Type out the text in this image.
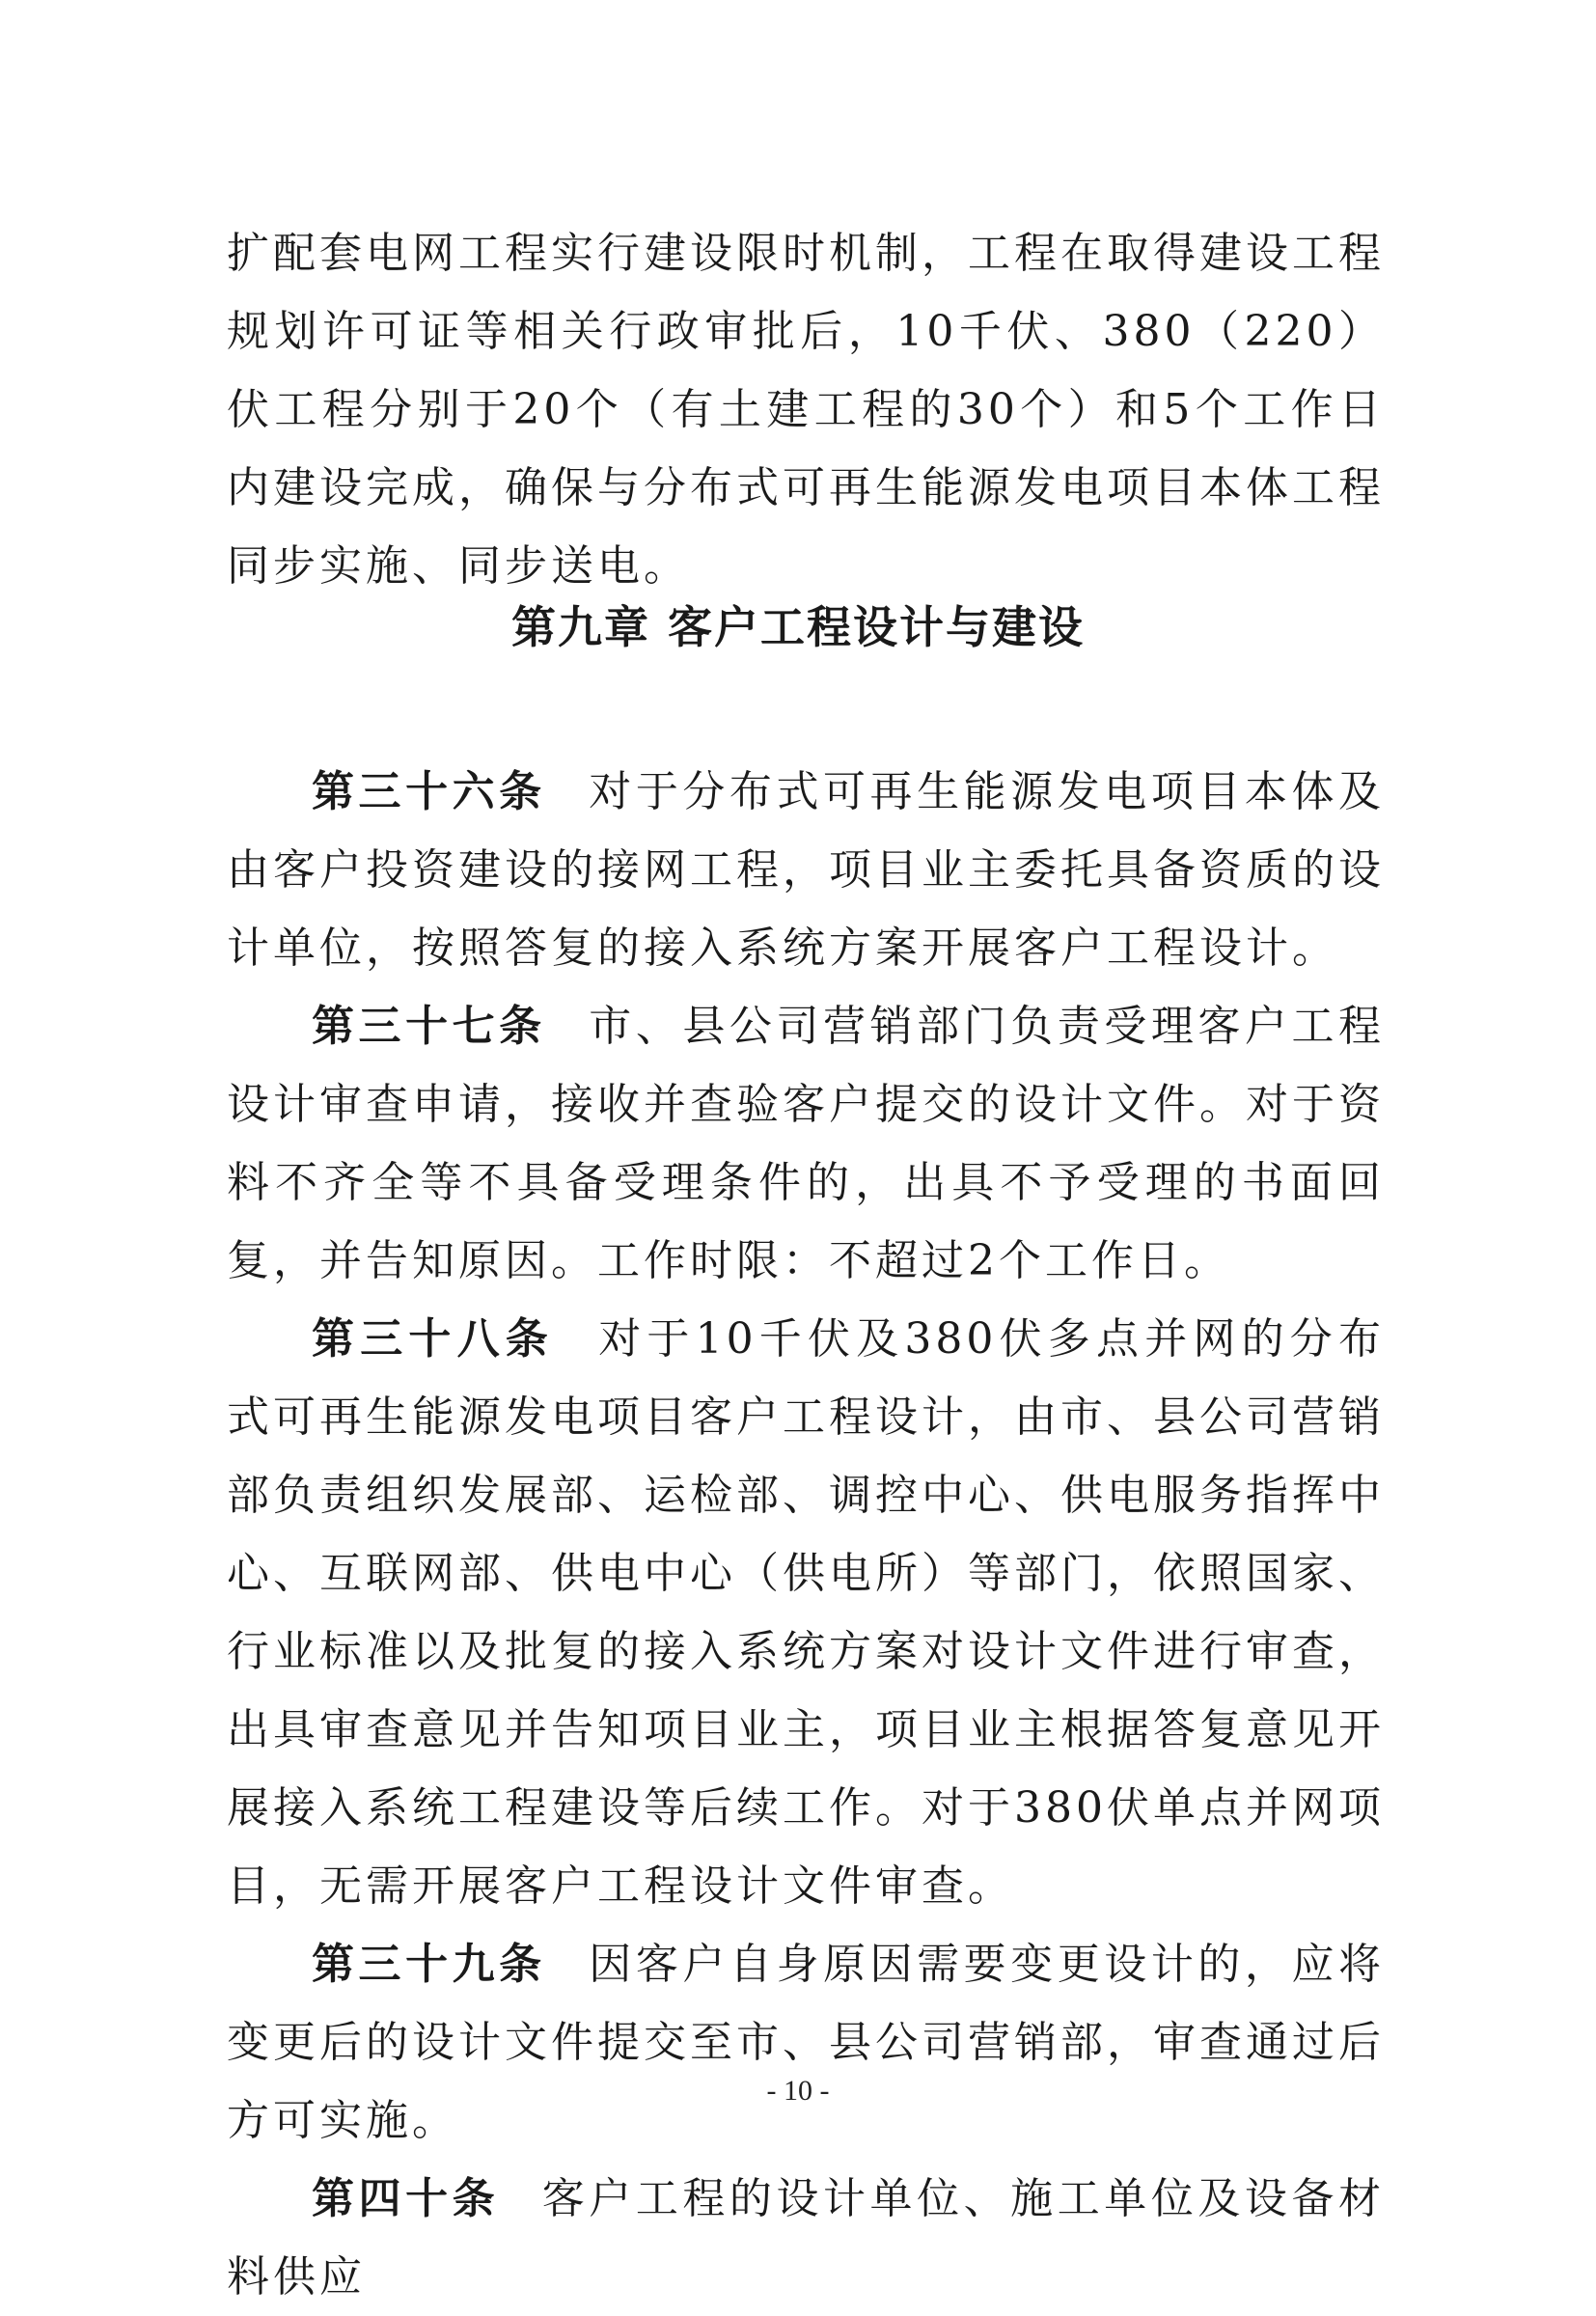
扩配套电网工程实行建设限时机制，工程在取得建设工程规划许可证等相关行政审批后，10千伏、380（220）伏工程分别于20个（有土建工程的30个）和5个工作日内建设完成，确保与分布式可再生能源发电项目本体工程同步实施、同步送电。

第九章 客户工程设计与建设

第三十六条 对于分布式可再生能源发电项目本体及由客户投资建设的接网工程，项目业主委托具备资质的设计单位，按照答复的接入系统方案开展客户工程设计。

第三十七条 市、县公司营销部门负责受理客户工程设计审查申请，接收并查验客户提交的设计文件。对于资料不齐全等不具备受理条件的，出具不予受理的书面回复，并告知原因。工作时限：不超过2个工作日。

第三十八条 对于10千伏及380伏多点并网的分布式可再生能源发电项目客户工程设计，由市、县公司营销部负责组织发展部、运检部、调控中心、供电服务指挥中心、互联网部、供电中心（供电所）等部门，依照国家、行业标准以及批复的接入系统方案对设计文件进行审查，出具审查意见并告知项目业主，项目业主根据答复意见开展接入系统工程建设等后续工作。对于380伏单点并网项目，无需开展客户工程设计文件审查。

第三十九条 因客户自身原因需要变更设计的，应将变更后的设计文件提交至市、县公司营销部，审查通过后方可实施。

第四十条 客户工程的设计单位、施工单位及设备材料供应

- 10 -
